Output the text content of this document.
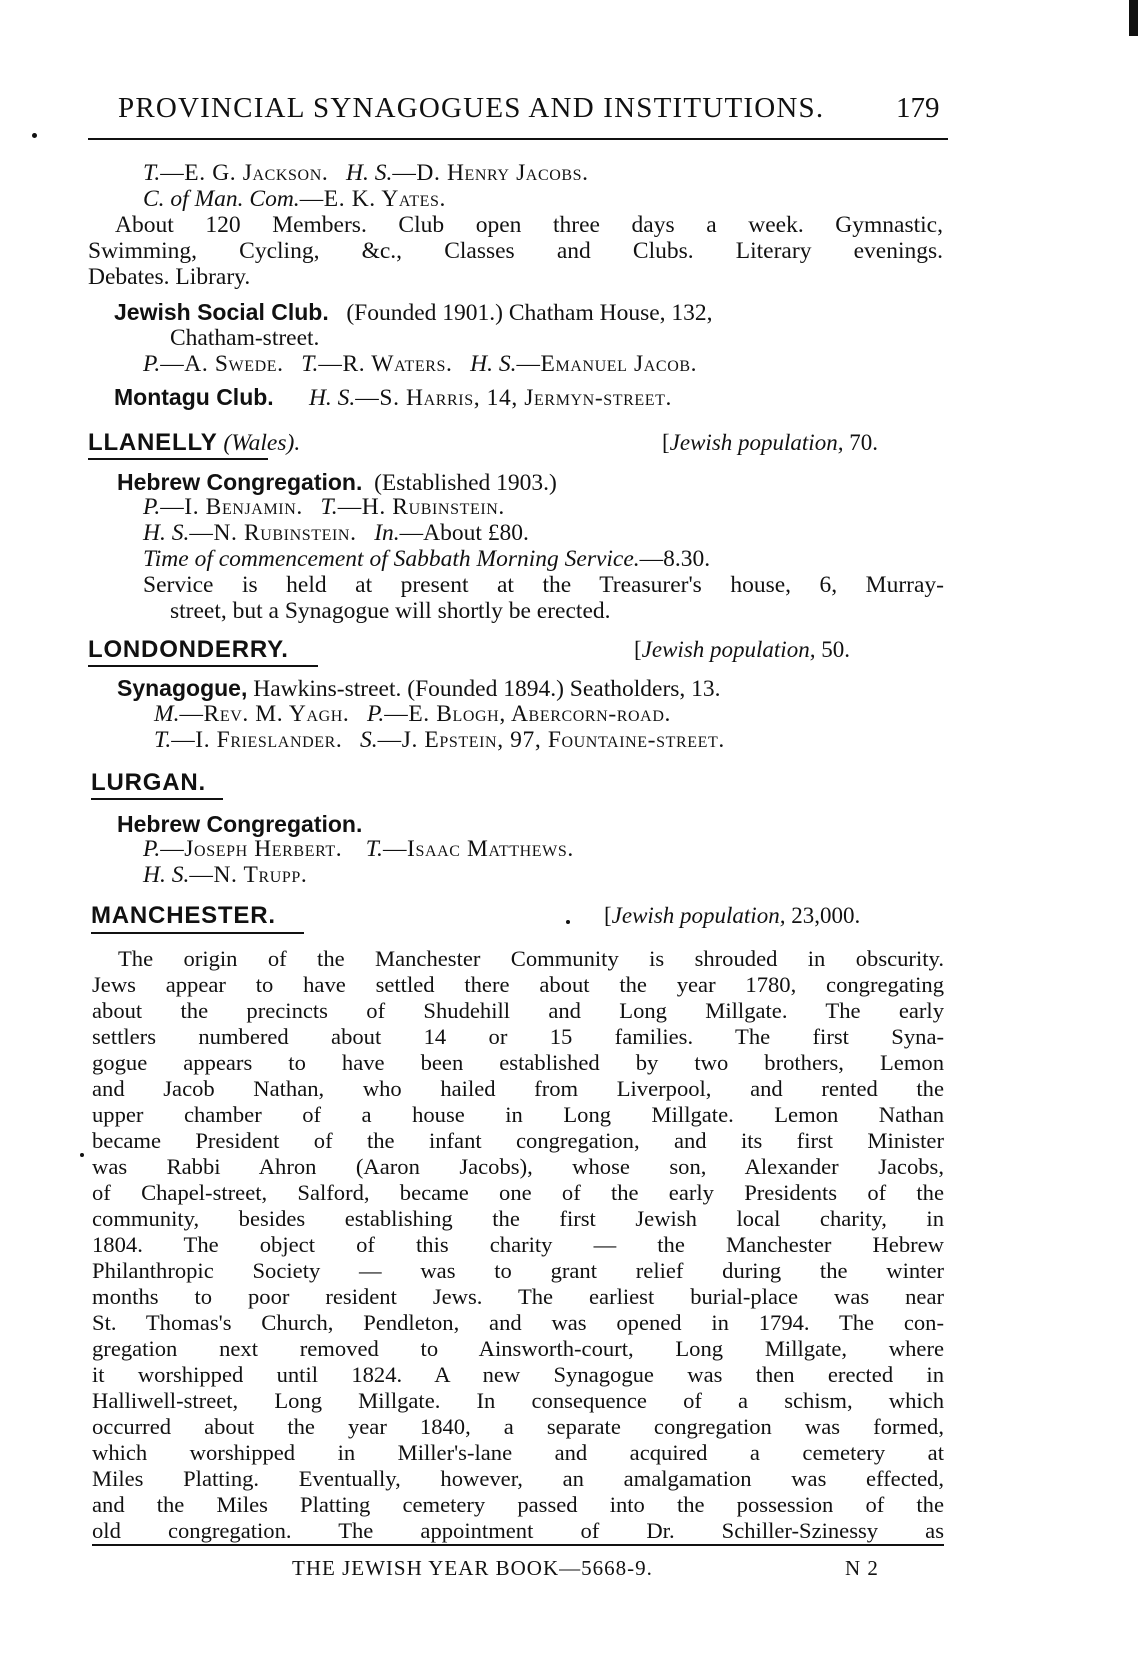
PROVINCIAL SYNAGOGUES AND INSTITUTIONS.	179
T.—E. G. Jackson. H. S.—D. Henry Jacobs.
C. of Man. Com.—E. K. Yates.
About 120 Members. Club open three days a week. Gymnastic,
Swimming, Cycling, &c., Classes and Clubs. Literary evenings.
Debates. Library.
Jewish Social Club. (Founded 1901.) Chatham House, 132,
Chatham-street.
P.—A. Swede. T.—R. Waters. H. S.—Emanuel Jacob.
Montagu Club. H. S.—S. Harris, 14, Jermyn-street.
LLANELLY (Wales).	[Jewish population, 70.
Hebrew Congregation. (Established 1903.)
P.—I. Benjamin. T.—H. Rubinstein.
H. S.—N. Rubinstein. In.—About £80.
Time of commencement of Sabbath Morning Service.—8.30.
Service is held at present at the Treasurer's house, 6, Murray-
street, but a Synagogue will shortly be erected.
LONDONDERRY.	[Jewish population, 50.
Synagogue, Hawkins-street. (Founded 1894.) Seatholders, 13.
M.—Rev. M. Yagh. P.—E. Blogh, Abercorn-road.
T.—I. Frieslander. S.—J. Epstein, 97, Fountaine-street.
LURGAN.
Hebrew Congregation.
P.—Joseph Herbert. T.—Isaac Matthews.
H. S.—N. Trupp.
MANCHESTER.	[Jewish population, 23,000.
The origin of the Manchester Community is shrouded in obscurity.
Jews appear to have settled there about the year 1780, congregating
about the precincts of Shudehill and Long Millgate. The early
settlers numbered about 14 or 15 families. The first Syna-
gogue appears to have been established by two brothers, Lemon
and Jacob Nathan, who hailed from Liverpool, and rented the
upper chamber of a house in Long Millgate. Lemon Nathan
became President of the infant congregation, and its first Minister
was Rabbi Ahron (Aaron Jacobs), whose son, Alexander Jacobs,
of Chapel-street, Salford, became one of the early Presidents of the
community, besides establishing the first Jewish local charity, in
1804. The object of this charity — the Manchester Hebrew
Philanthropic Society — was to grant relief during the winter
months to poor resident Jews. The earliest burial-place was near
St. Thomas's Church, Pendleton, and was opened in 1794. The con-
gregation next removed to Ainsworth-court, Long Millgate, where
it worshipped until 1824. A new Synagogue was then erected in
Halliwell-street, Long Millgate. In consequence of a schism, which
occurred about the year 1840, a separate congregation was formed,
which worshipped in Miller's-lane and acquired a cemetery at
Miles Platting. Eventually, however, an amalgamation was effected,
and the Miles Platting cemetery passed into the possession of the
old congregation. The appointment of Dr. Schiller-Szinessy as
THE JEWISH YEAR BOOK—5668-9.	N 2
